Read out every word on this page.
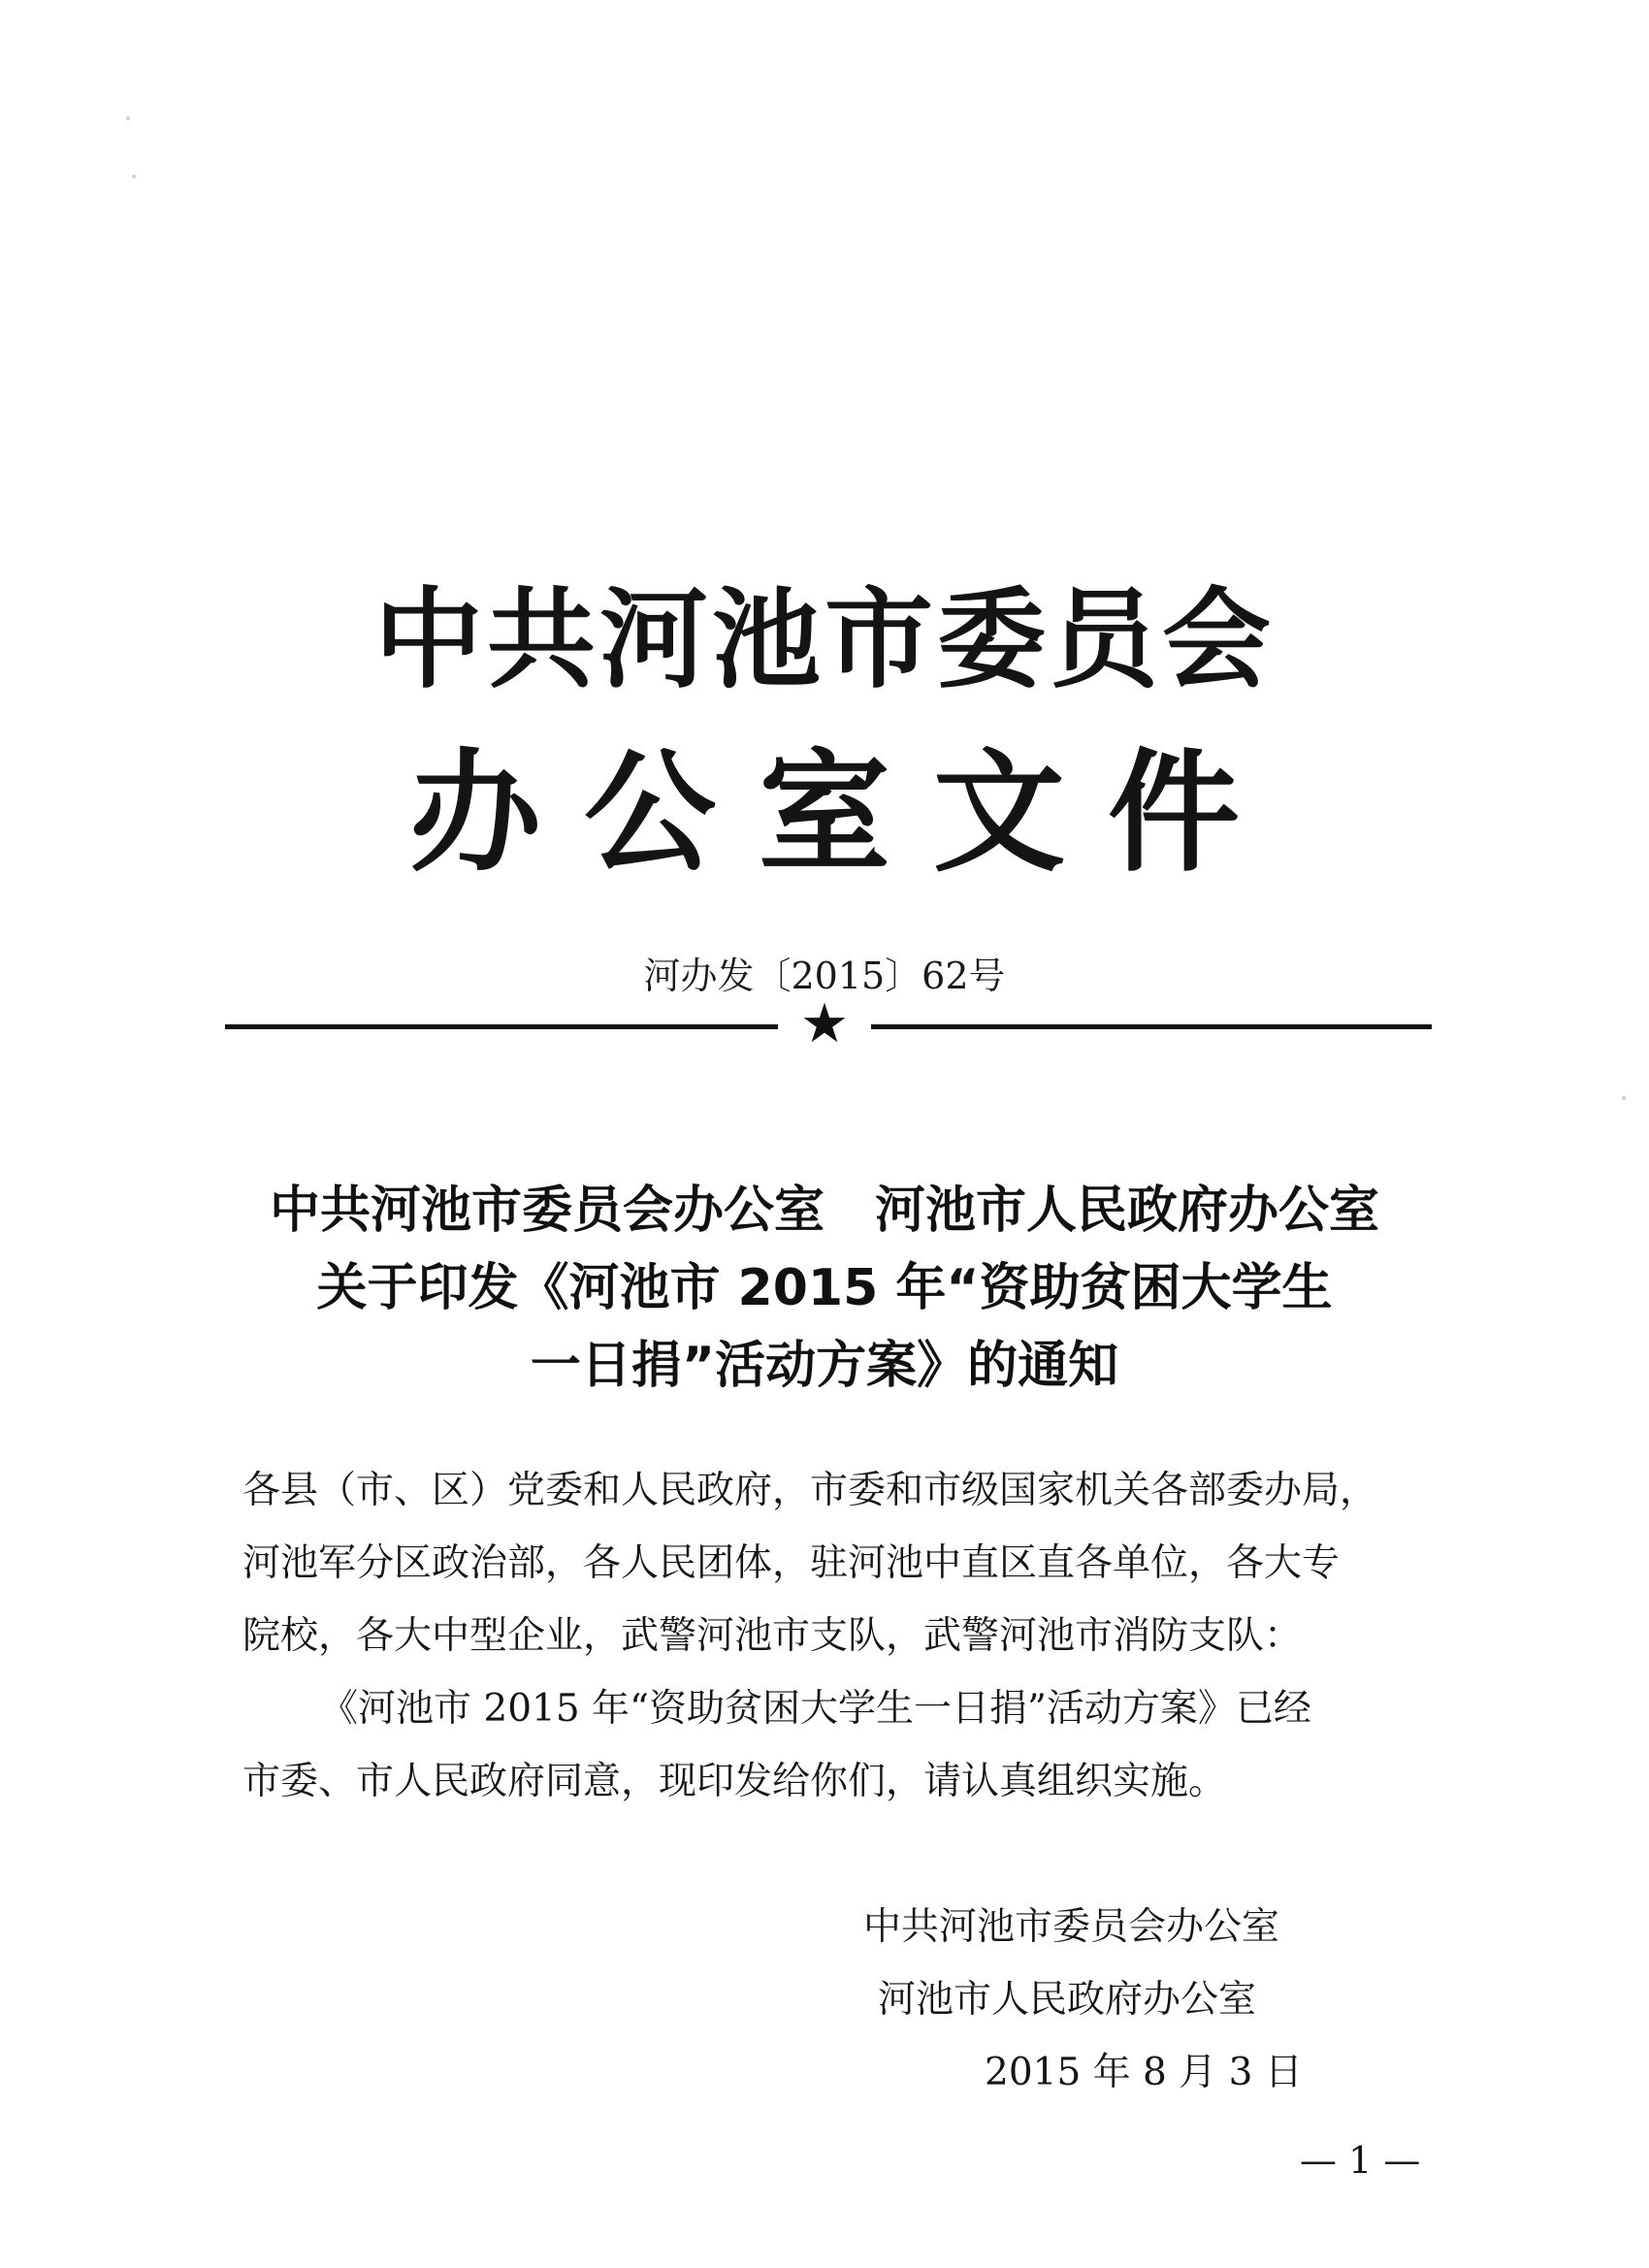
中共河池市委员会
办公室文件
河办发〔2015〕62号
★
中共河池市委员会办公室　河池市人民政府办公室
关于印发《河池市 2015 年“资助贫困大学生
一日捐”活动方案》的通知
各县（市、区）党委和人民政府，市委和市级国家机关各部委办局，
河池军分区政治部，各人民团体，驻河池中直区直各单位，各大专
院校，各大中型企业，武警河池市支队，武警河池市消防支队：
《河池市 2015 年“资助贫困大学生一日捐”活动方案》已经
市委、市人民政府同意，现印发给你们，请认真组织实施。
中共河池市委员会办公室
河池市人民政府办公室
2015 年 8 月 3 日
— 1 —
